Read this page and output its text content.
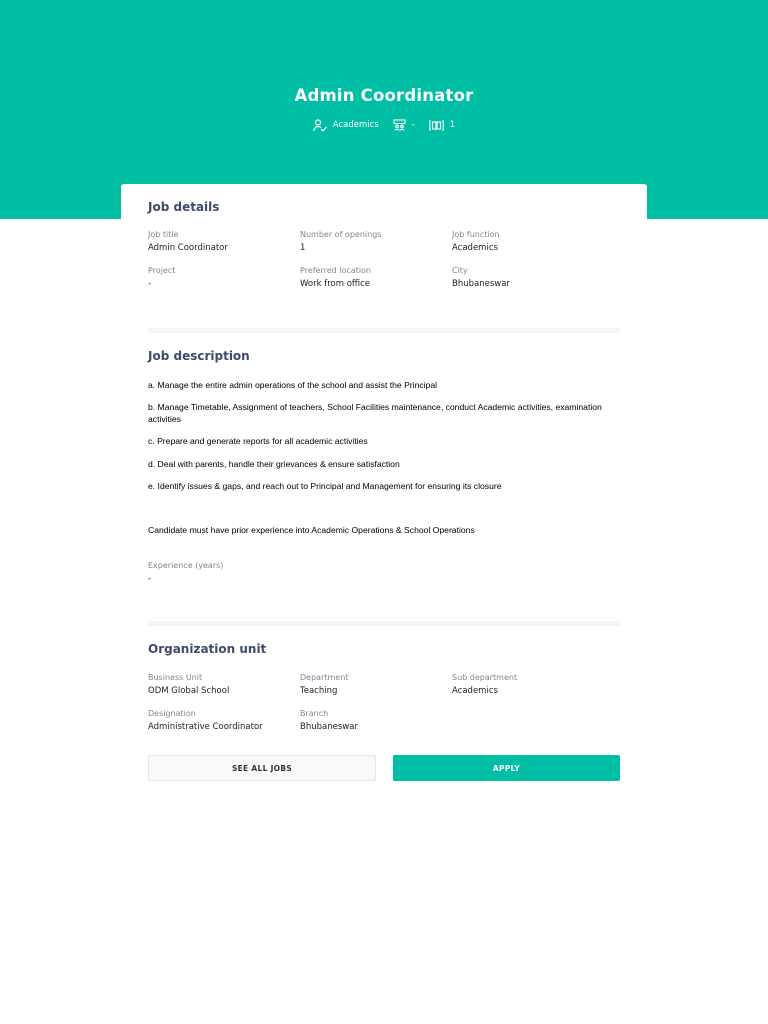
Admin Coordinator
Academics	-	1
Job details
Job title
Admin Coordinator
Number of openings
1
Job function
Academics
Project
-
Preferred location
Work from office
City
Bhubaneswar
Job description

a. Manage the entire admin operations of the school and assist the Principal

b. Manage Timetable, Assignment of teachers, School Facilities maintenance, conduct Academic activities, examination activities

c. Prepare and generate reports for all academic activities

d. Deal with parents, handle their grievances & ensure satisfaction

e. Identify issues & gaps, and reach out to Principal and Management for ensuring its closure

Candidate must have prior experience into Academic Operations & School Operations

Experience (years)
-
Organization unit
Business Unit
ODM Global School
Department
Teaching
Sub department
Academics
Designation
Administrative Coordinator
Branch
Bhubaneswar
SEE ALL JOBS	APPLY
